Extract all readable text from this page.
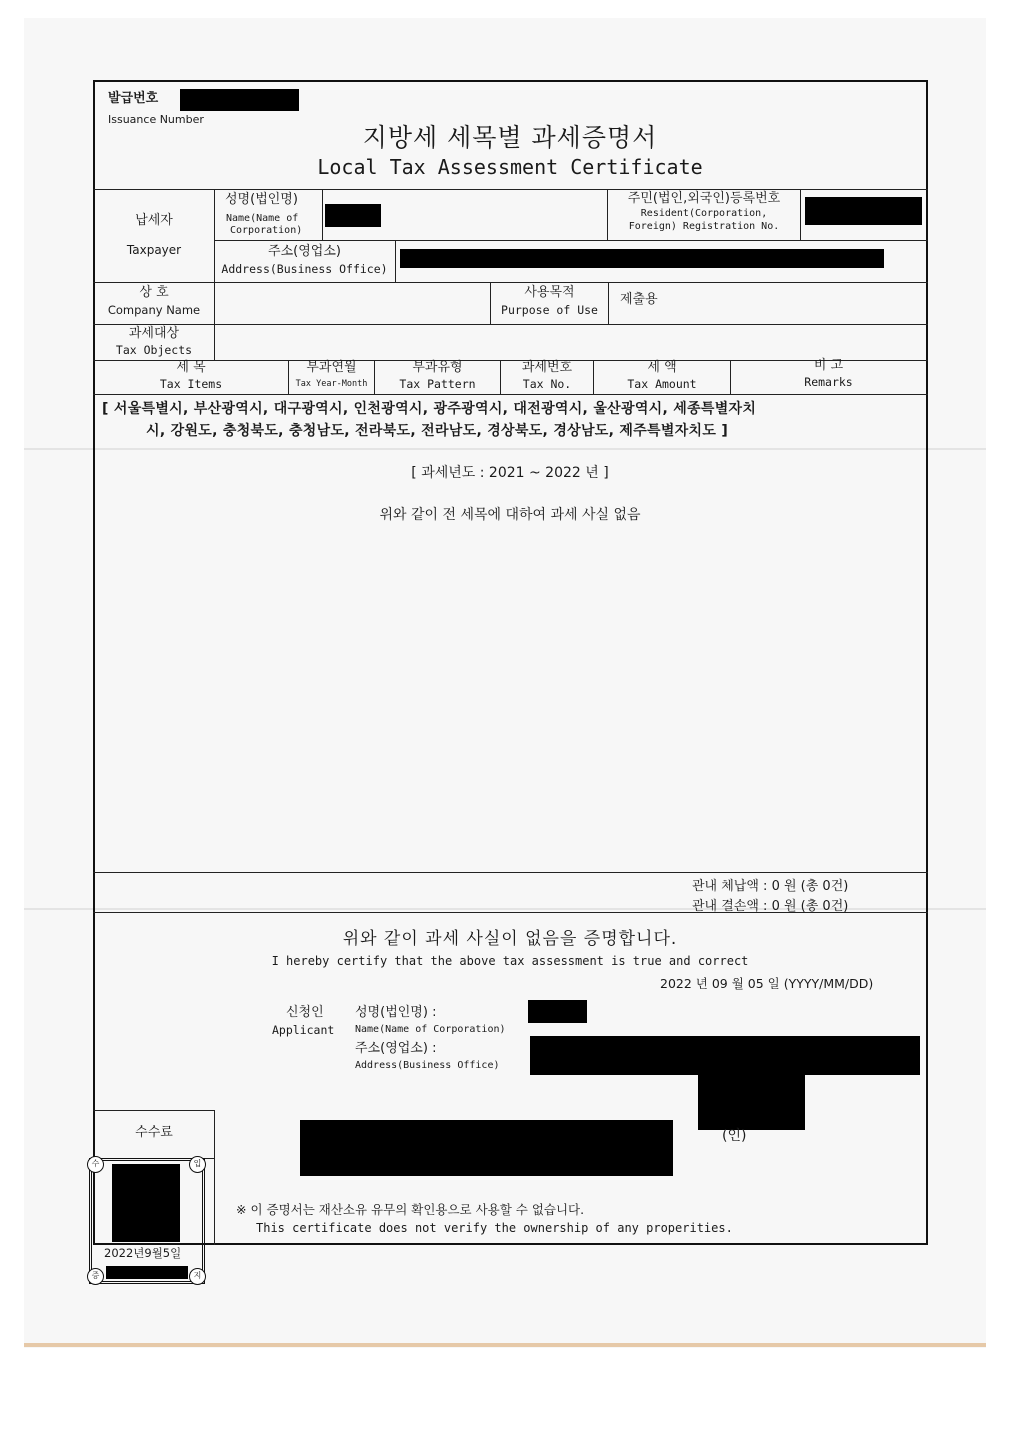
발급번호
Issuance Number
지방세 세목별 과세증명서
Local Tax Assessment Certificate
납세자
Taxpayer
성명(법인명)
Name(Name of
Corporation)
주민(법인,외국인)등록번호
Resident(Corporation,
Foreign) Registration No.
주소(영업소)
Address(Business Office)
상 호
Company Name
사용목적
Purpose of Use
제출용
과세대상
Tax Objects
세 목
Tax Items
부과연월
Tax Year-Month
부과유형
Tax Pattern
과세번호
Tax No.
세 액
Tax Amount
비 고
Remarks
[ 서울특별시, 부산광역시, 대구광역시, 인천광역시, 광주광역시, 대전광역시, 울산광역시, 세종특별자치
시, 강원도, 충청북도, 충청남도, 전라북도, 전라남도, 경상북도, 경상남도, 제주특별자치도 ]
[ 과세년도 : 2021 ~ 2022 년 ]
위와 같이 전 세목에 대하여 과세 사실 없음
관내 체납액 : 0 원 (총 0건)
관내 결손액 : 0 원 (총 0건)
위와 같이 과세 사실이 없음을 증명합니다.
I hereby certify that the above tax assessment is true and correct
2022 년 09 월 05 일 (YYYY/MM/DD)
신청인
Applicant
성명(법인명) :
Name(Name of Corporation)
주소(영업소) :
Address(Business Office)
(인)
수수료
수	입
증	지
2022년9월5일
※ 이 증명서는 재산소유 유무의 확인용으로 사용할 수 없습니다.
This certificate does not verify the ownership of any properities.
